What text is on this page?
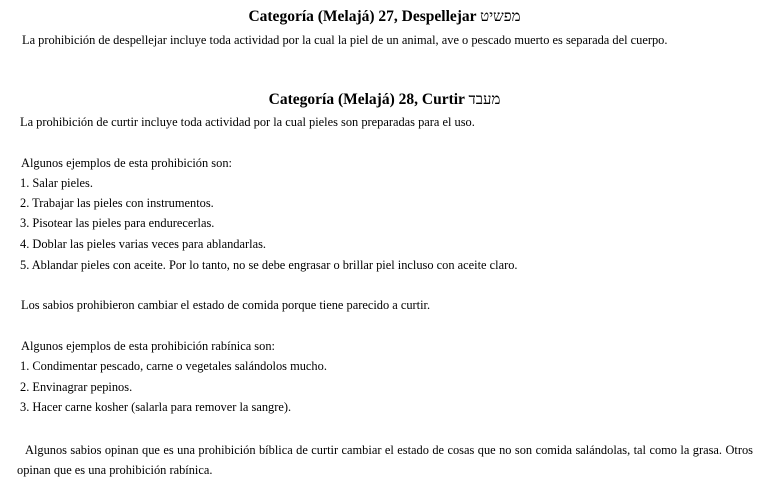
Categoría (Melajá) 27, Despellejar מפשיט
La prohibición de despellejar incluye toda actividad por la cual la piel de un animal, ave o pescado muerto es separada del cuerpo.
Categoría (Melajá) 28, Curtir מעבד
La prohibición de curtir incluye toda actividad por la cual pieles son preparadas para el uso.
Algunos ejemplos de esta prohibición son:
1. Salar pieles.
2. Trabajar las pieles con instrumentos.
3. Pisotear las pieles para endurecerlas.
4. Doblar las pieles varias veces para ablandarlas.
5. Ablandar pieles con aceite. Por lo tanto, no se debe engrasar o brillar piel incluso con aceite claro.
Los sabios prohibieron cambiar el estado de comida porque tiene parecido a curtir.
Algunos ejemplos de esta prohibición rabínica son:
1. Condimentar pescado, carne o vegetales salándolos mucho.
2. Envinagrar pepinos.
3. Hacer carne kosher (salarla para remover la sangre).
Algunos sabios opinan que es una prohibición bíblica de curtir cambiar el estado de cosas que no son comida salándolas, tal como la grasa. Otros opinan que es una prohibición rabínica.
